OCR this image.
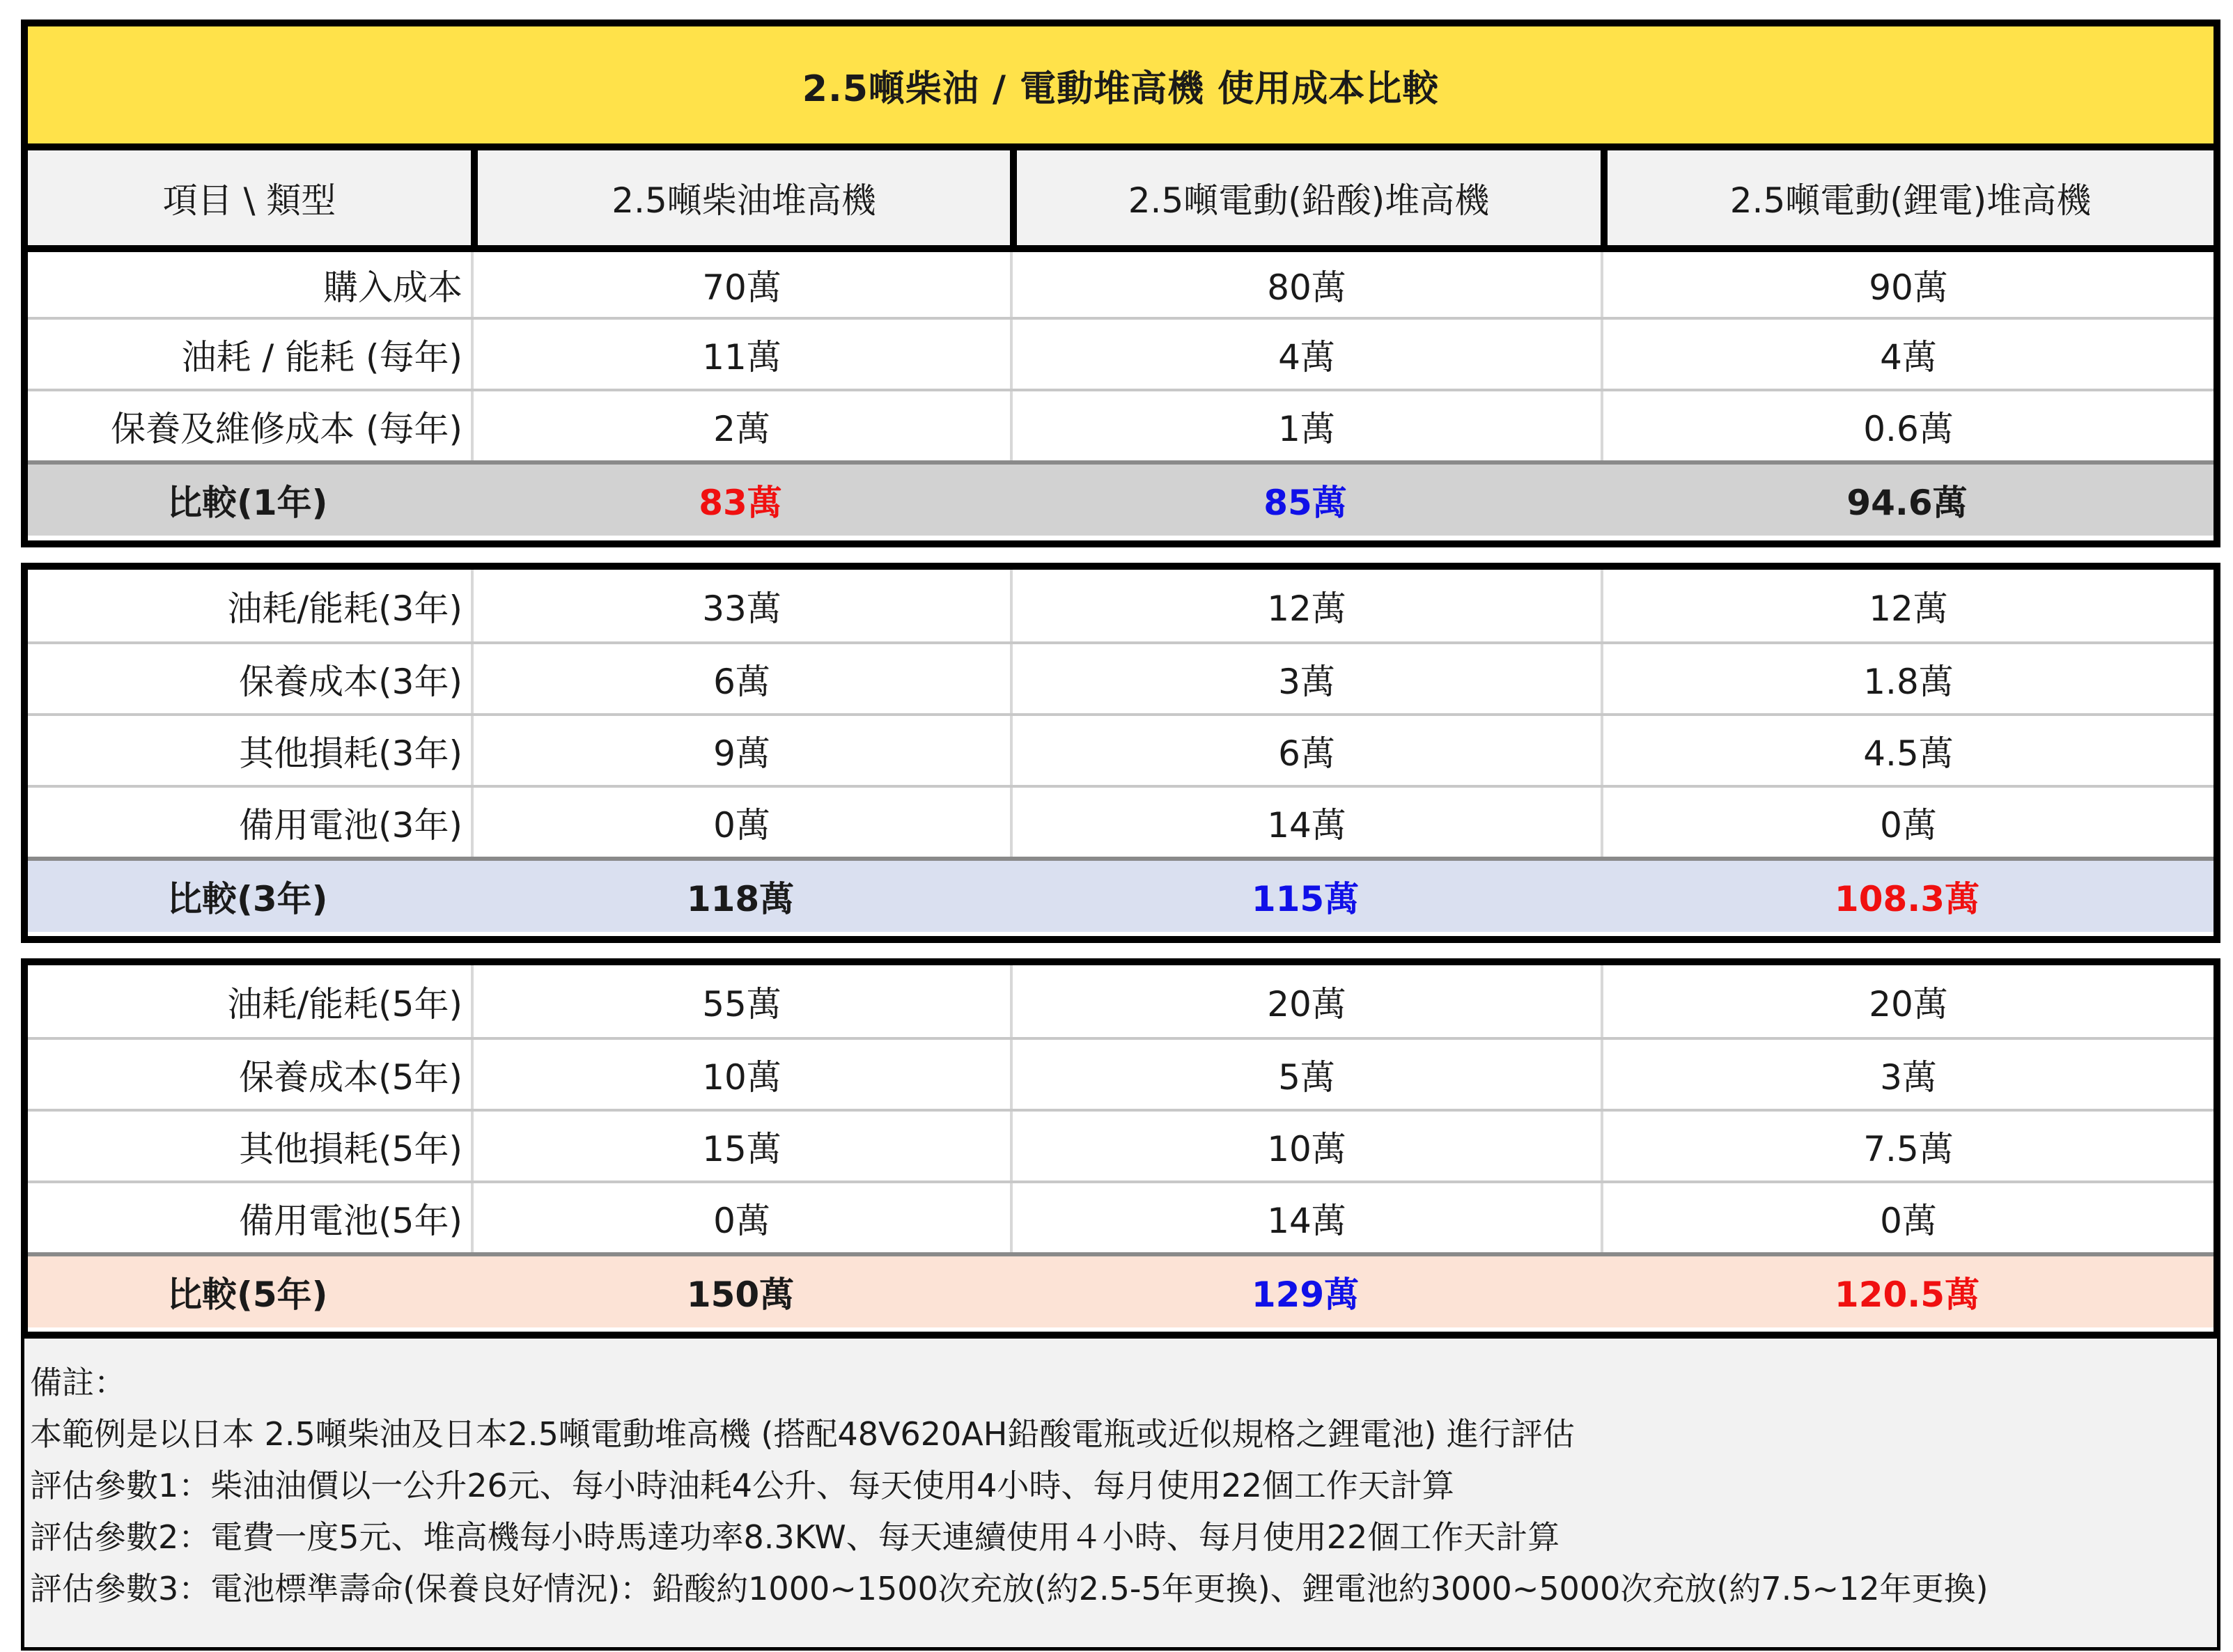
2.5噸柴油 / 電動堆高機 使用成本比較
項目 \ 類型	2.5噸柴油堆高機	2.5噸電動(鉛酸)堆高機	2.5噸電動(鋰電)堆高機
購入成本	70萬	80萬	90萬
油耗 / 能耗 (每年)	11萬	4萬	4萬
保養及維修成本 (每年)	2萬	1萬	0.6萬
比較(1年)	83萬	85萬	94.6萬
油耗/能耗(3年)	33萬	12萬	12萬
保養成本(3年)	6萬	3萬	1.8萬
其他損耗(3年)	9萬	6萬	4.5萬
備用電池(3年)	0萬	14萬	0萬
比較(3年)	118萬	115萬	108.3萬
油耗/能耗(5年)	55萬	20萬	20萬
保養成本(5年)	10萬	5萬	3萬
其他損耗(5年)	15萬	10萬	7.5萬
備用電池(5年)	0萬	14萬	0萬
比較(5年)	150萬	129萬	120.5萬
備註：
本範例是以日本 2.5噸柴油及日本2.5噸電動堆高機 (搭配48V620AH鉛酸電瓶或近似規格之鋰電池) 進行評估
評估參數1：柴油油價以一公升26元、每小時油耗4公升、每天使用4小時、每月使用22個工作天計算
評估參數2：電費一度5元、堆高機每小時馬達功率8.3KW、每天連續使用４小時、每月使用22個工作天計算
評估參數3：電池標準壽命(保養良好情況)：鉛酸約1000~1500次充放(約2.5-5年更換)、鋰電池約3000~5000次充放(約7.5~12年更換)
